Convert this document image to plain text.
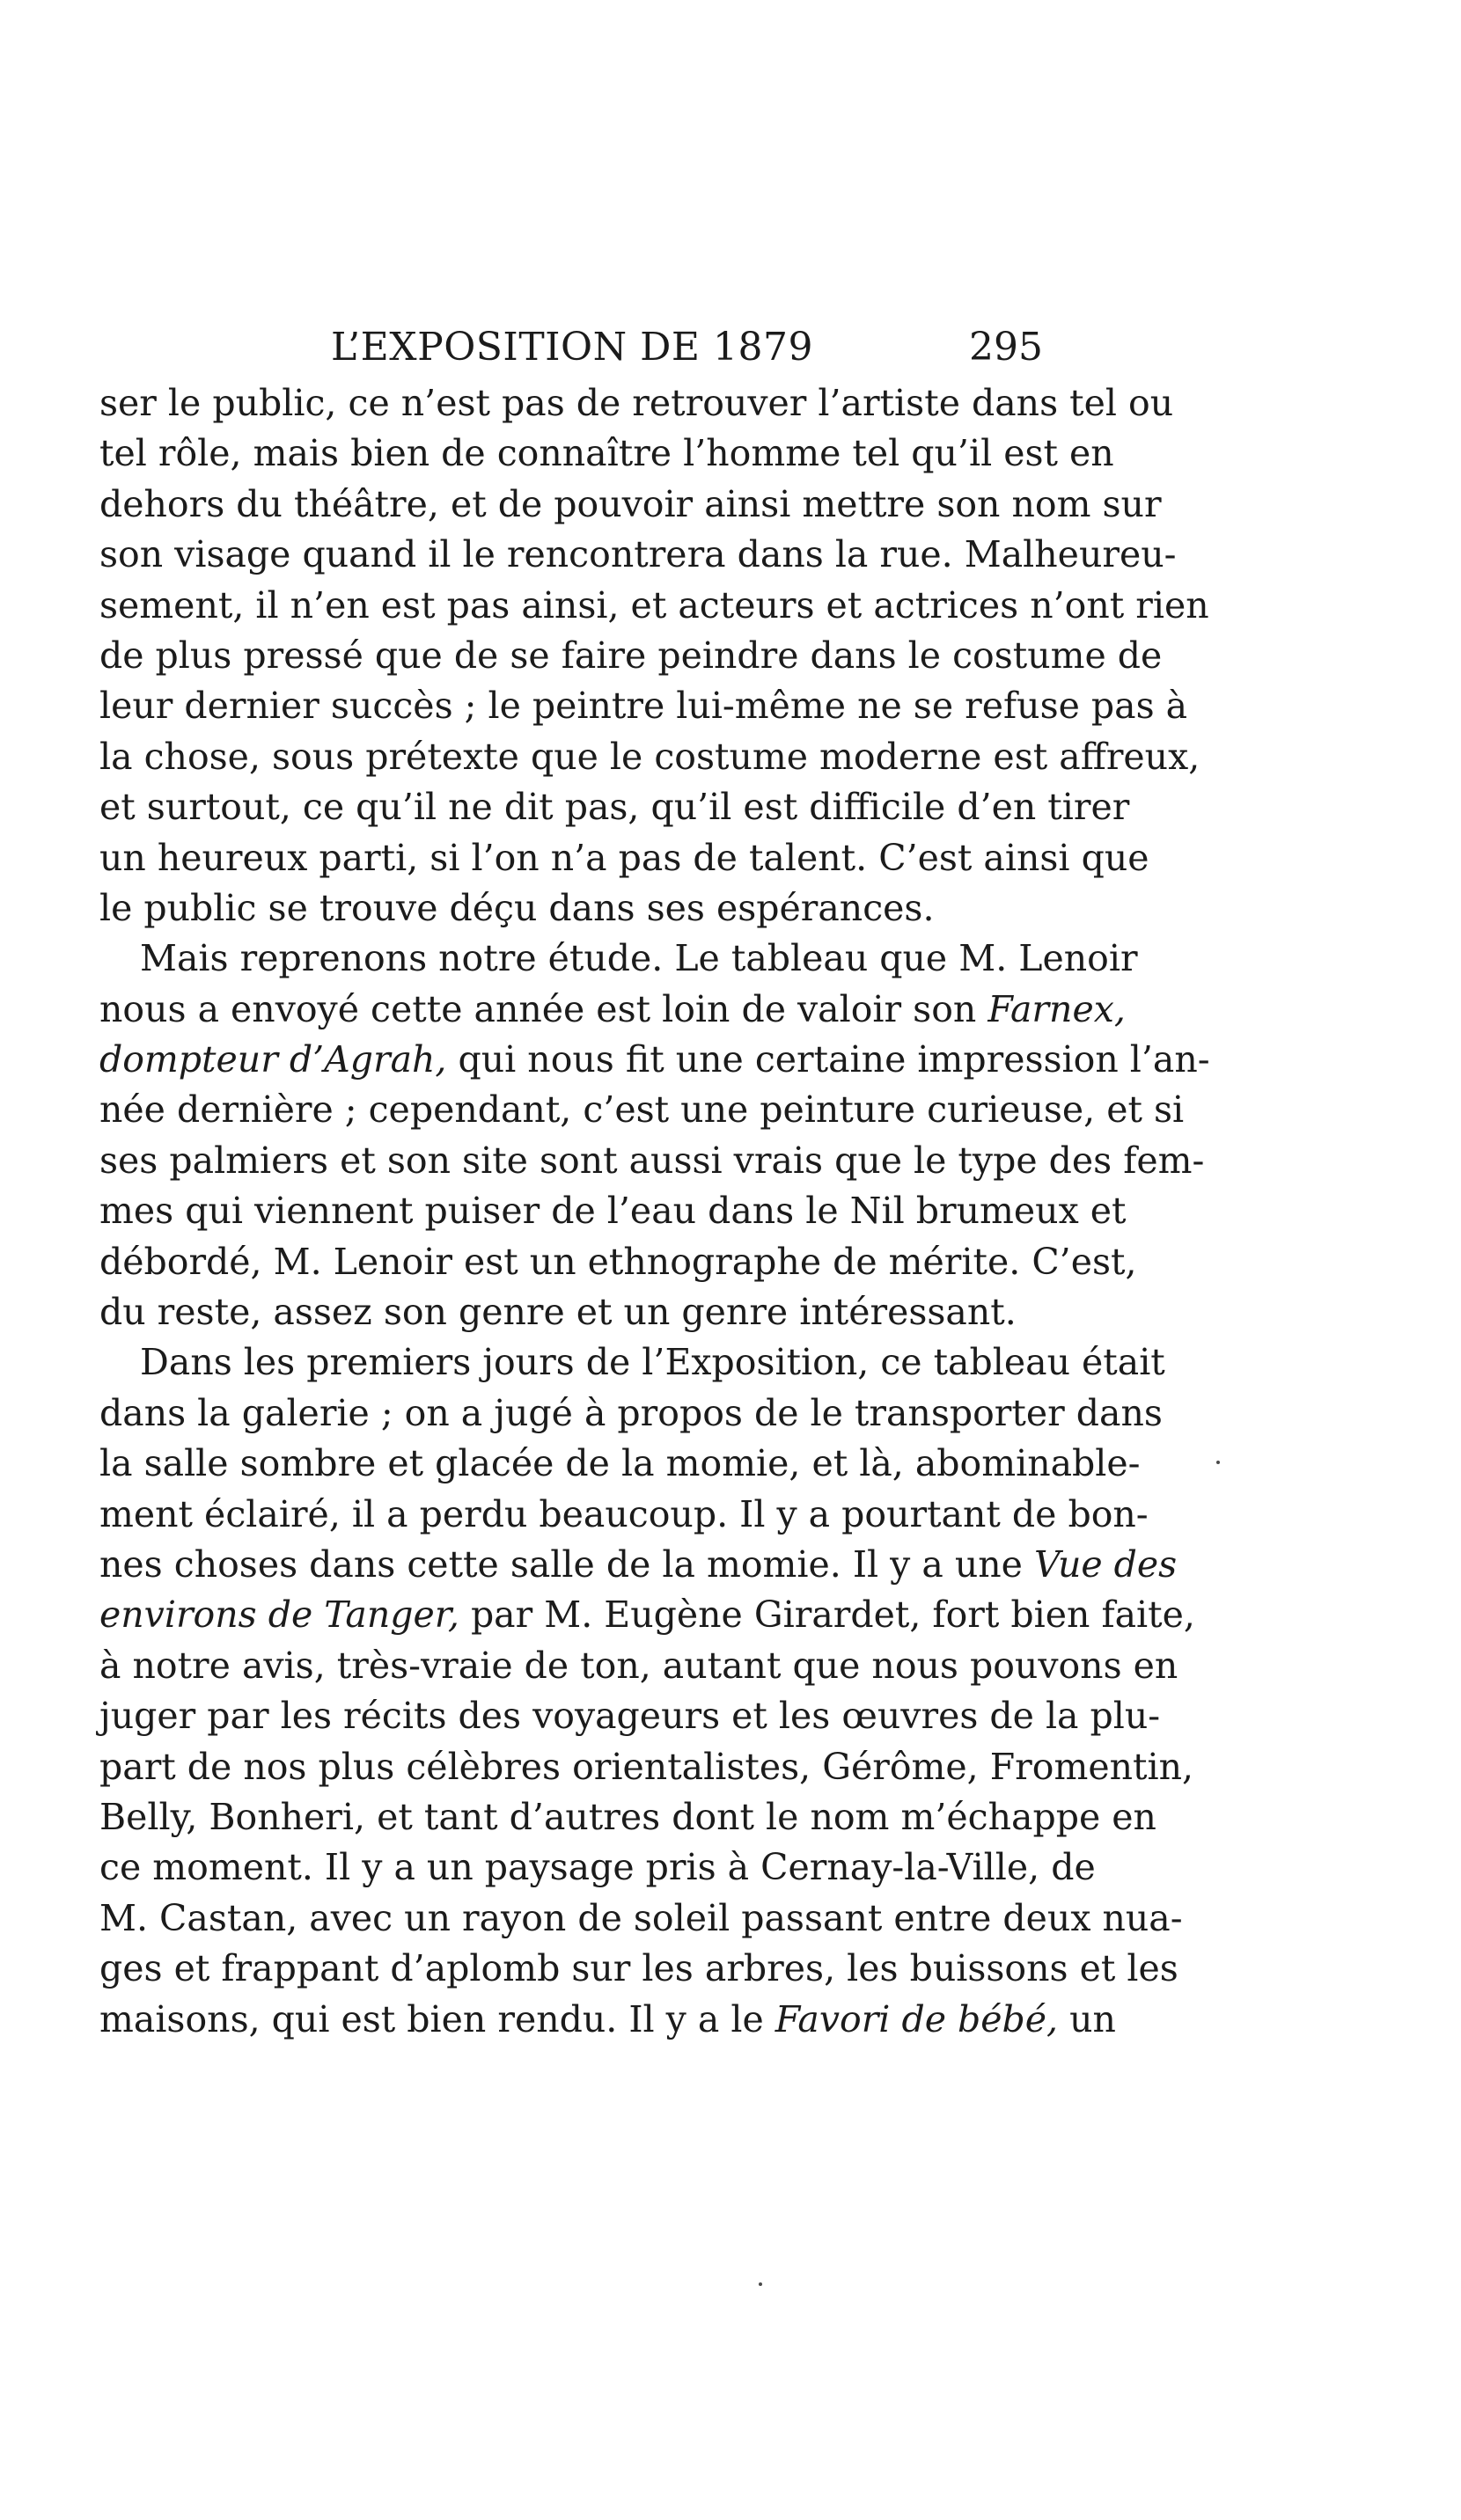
L’EXPOSITION DE 1879	295
ser le public, ce n’est pas de retrouver l’artiste dans tel ou
tel rôle, mais bien de connaître l’homme tel qu’il est en
dehors du théâtre, et de pouvoir ainsi mettre son nom sur
son visage quand il le rencontrera dans la rue. Malheureu-
sement, il n’en est pas ainsi, et acteurs et actrices n’ont rien
de plus pressé que de se faire peindre dans le costume de
leur dernier succès ; le peintre lui-même ne se refuse pas à
la chose, sous prétexte que le costume moderne est affreux,
et surtout, ce qu’il ne dit pas, qu’il est difficile d’en tirer
un heureux parti, si l’on n’a pas de talent. C’est ainsi que
le public se trouve déçu dans ses espérances.
Mais reprenons notre étude. Le tableau que M. Lenoir
nous a envoyé cette année est loin de valoir son Farnex,
dompteur d’Agrah, qui nous fit une certaine impression l’an-
née dernière ; cependant, c’est une peinture curieuse, et si
ses palmiers et son site sont aussi vrais que le type des fem-
mes qui viennent puiser de l’eau dans le Nil brumeux et
débordé, M. Lenoir est un ethnographe de mérite. C’est,
du reste, assez son genre et un genre intéressant.
Dans les premiers jours de l’Exposition, ce tableau était
dans la galerie ; on a jugé à propos de le transporter dans
la salle sombre et glacée de la momie, et là, abominable-
ment éclairé, il a perdu beaucoup. Il y a pourtant de bon-
nes choses dans cette salle de la momie. Il y a une Vue des
environs de Tanger, par M. Eugène Girardet, fort bien faite,
à notre avis, très-vraie de ton, autant que nous pouvons en
juger par les récits des voyageurs et les œuvres de la plu-
part de nos plus célèbres orientalistes, Gérôme, Fromentin,
Belly, Bonheri, et tant d’autres dont le nom m’échappe en
ce moment. Il y a un paysage pris à Cernay-la-Ville, de
M. Castan, avec un rayon de soleil passant entre deux nua-
ges et frappant d’aplomb sur les arbres, les buissons et les
maisons, qui est bien rendu. Il y a le Favori de bébé, un
